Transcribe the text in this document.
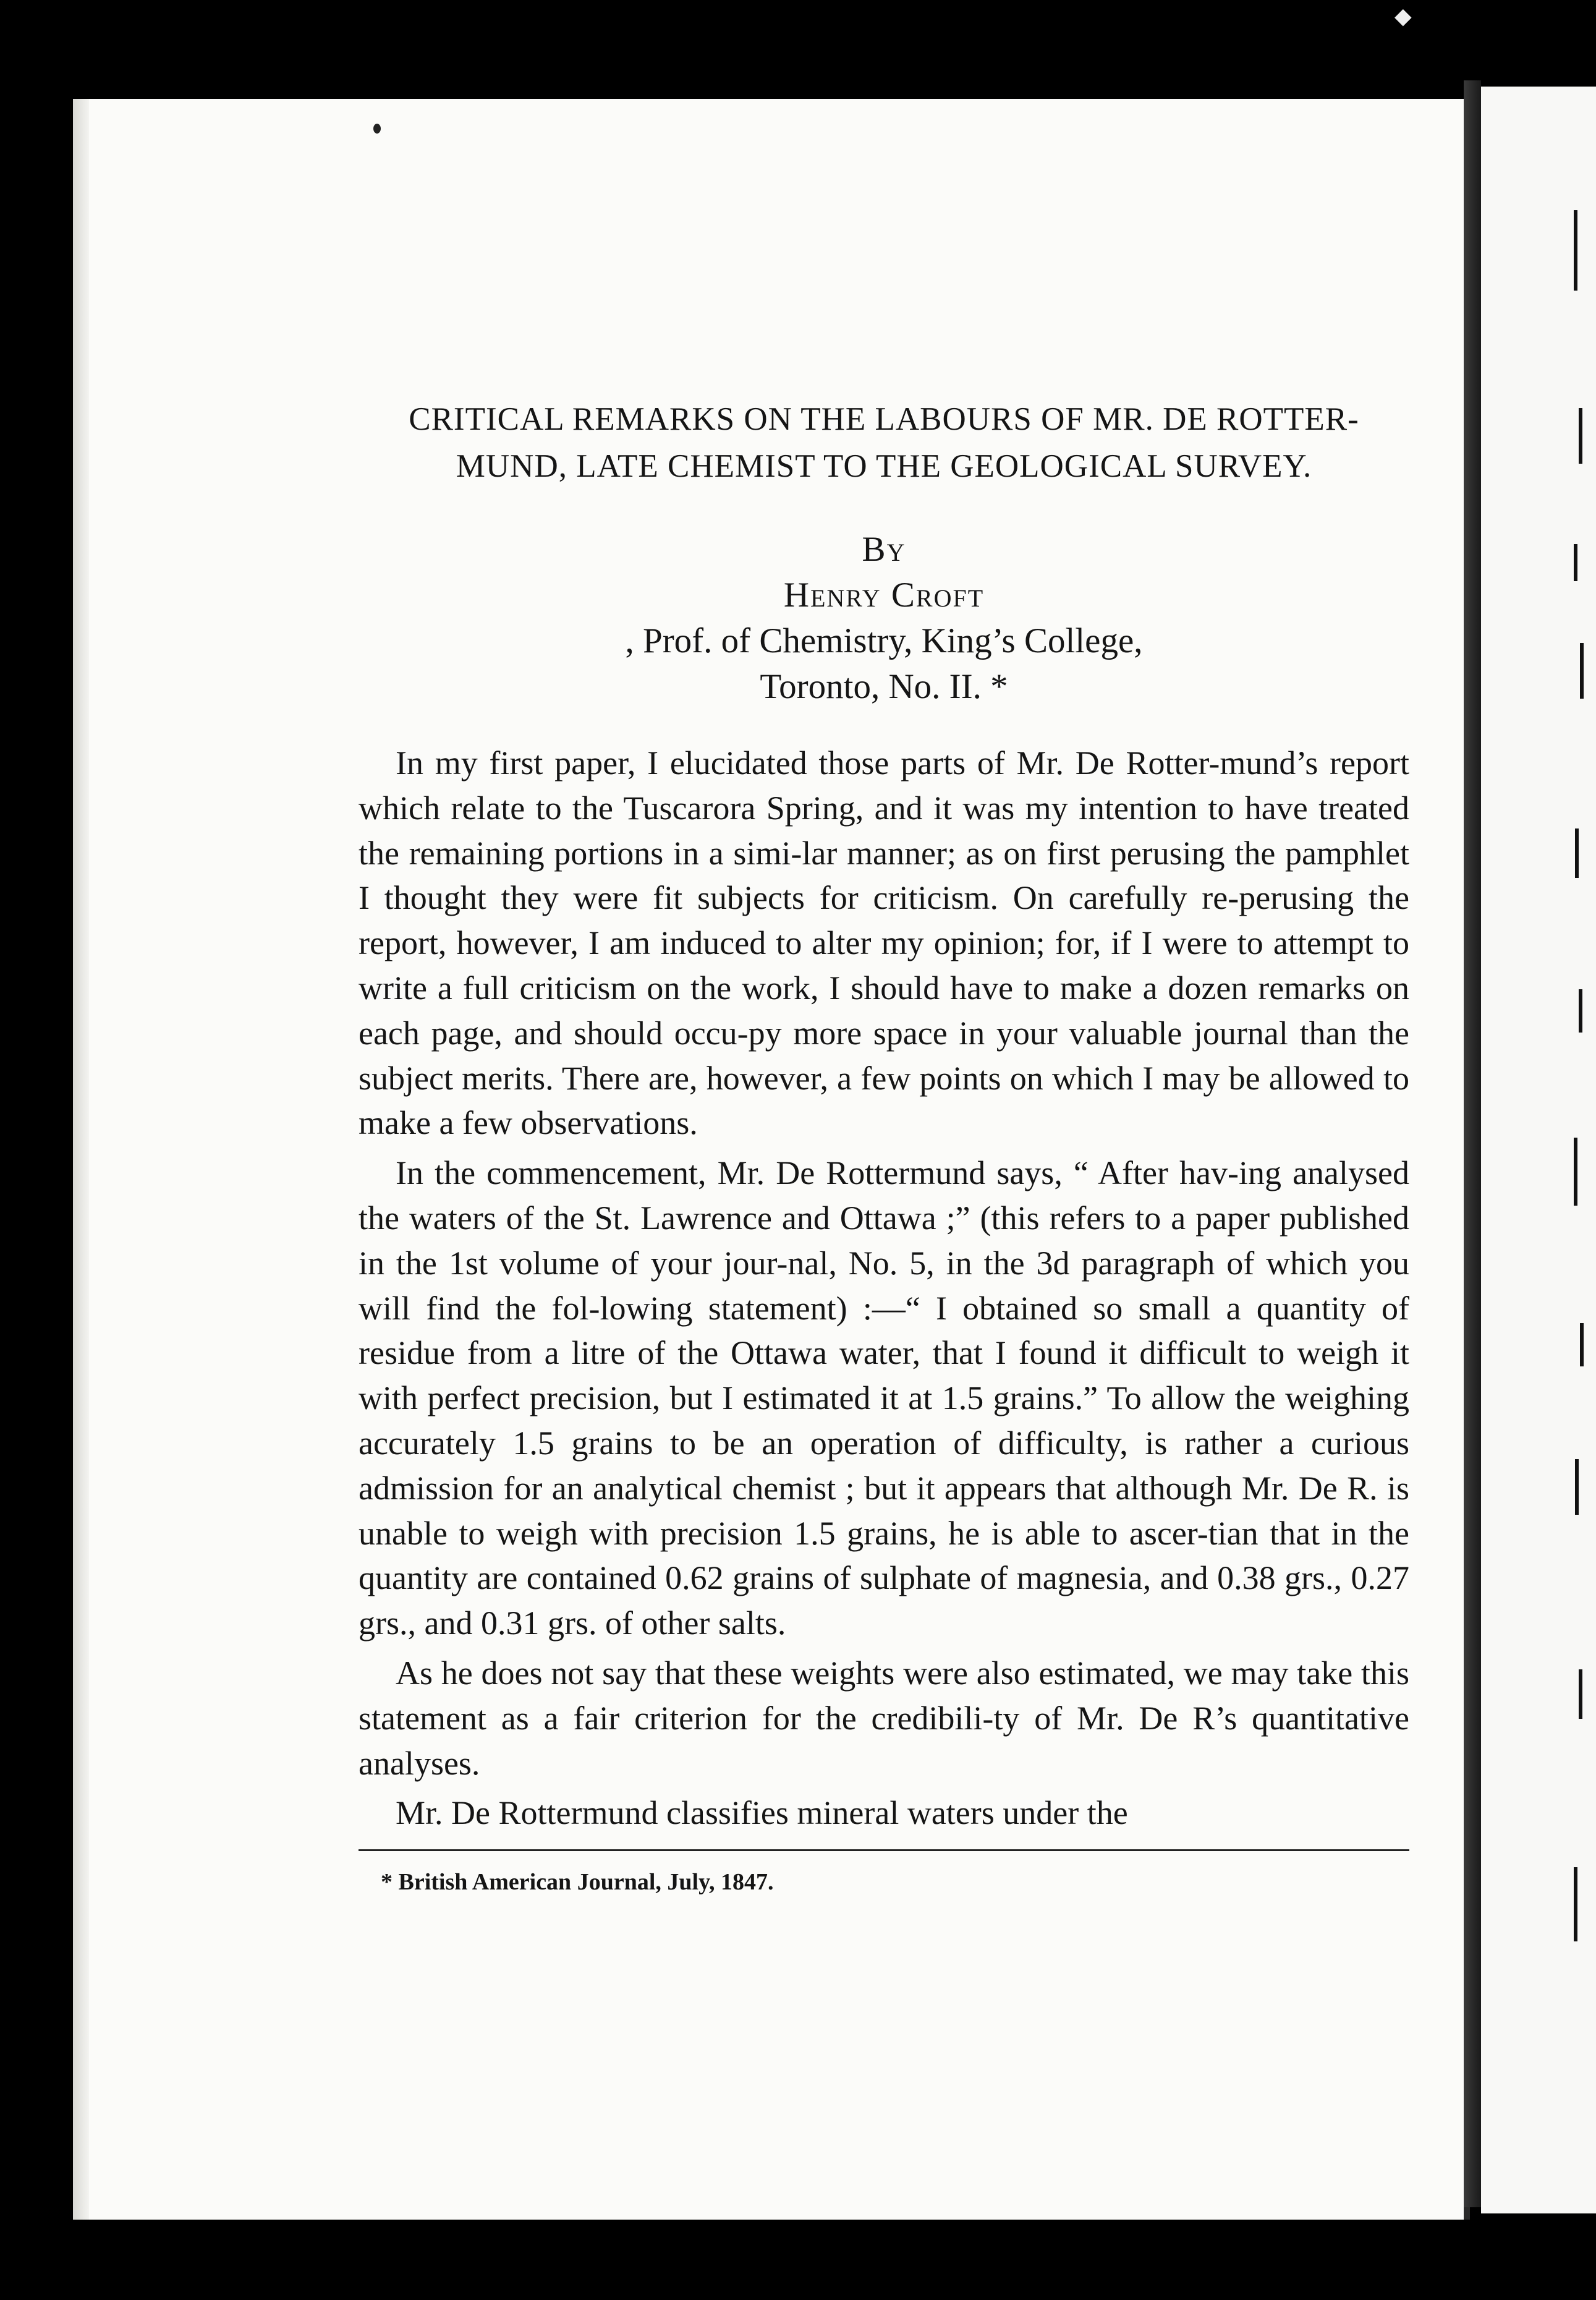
◆
CRITICAL REMARKS ON THE LABOURS OF MR. DE ROTTER-
MUND, LATE CHEMIST TO THE GEOLOGICAL SURVEY.
By
Henry Croft
, Prof. of Chemistry, King’s College,
Toronto, No. II. *

In my first paper, I elucidated those parts of Mr. De Rotter-mund’s report which relate to the Tuscarora Spring, and it was my intention to have treated the remaining portions in a simi-lar manner; as on first perusing the pamphlet I thought they were fit subjects for criticism. On carefully re-perusing the report, however, I am induced to alter my opinion; for, if I were to attempt to write a full criticism on the work, I should have to make a dozen remarks on each page, and should occu-py more space in your valuable journal than the subject merits. There are, however, a few points on which I may be allowed to make a few observations.

In the commencement, Mr. De Rottermund says, “ After hav-ing analysed the waters of the St. Lawrence and Ottawa ;” (this refers to a paper published in the 1st volume of your jour-nal, No. 5, in the 3d paragraph of which you will find the fol-lowing statement) :—“ I obtained so small a quantity of residue from a litre of the Ottawa water, that I found it difficult to weigh it with perfect precision, but I estimated it at 1.5 grains.” To allow the weighing accurately 1.5 grains to be an operation of difficulty, is rather a curious admission for an analytical chemist ; but it appears that although Mr. De R. is unable to weigh with precision 1.5 grains, he is able to ascer-tian that in the quantity are contained 0.62 grains of sulphate of magnesia, and 0.38 grs., 0.27 grs., and 0.31 grs. of other salts.

As he does not say that these weights were also estimated, we may take this statement as a fair criterion for the credibili-ty of Mr. De R’s quantitative analyses.

Mr. De Rottermund classifies mineral waters under the

* British American Journal, July, 1847.
